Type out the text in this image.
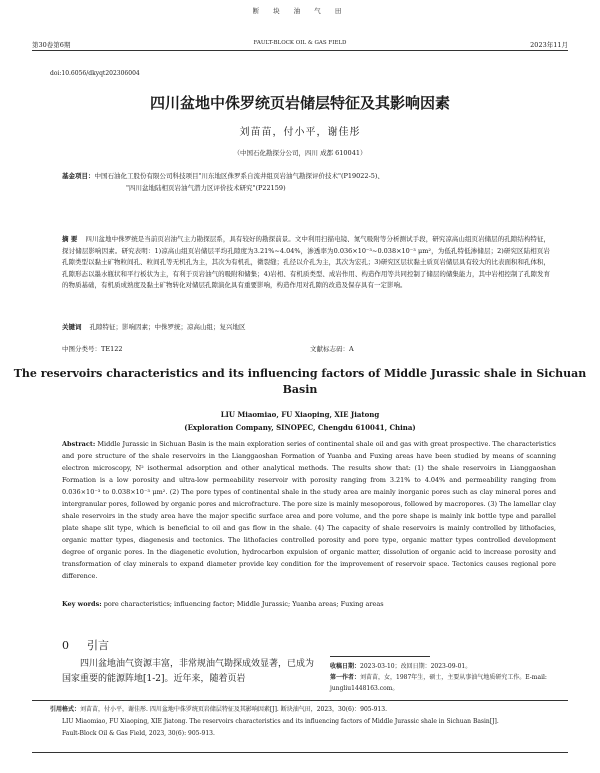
断 块 油 气 田
FAULT-BLOCK OIL & GAS FIELD
第30卷第6期	2023年11月
doi:10.6056/dkyqt202306004
四川盆地中侏罗统页岩储层特征及其影响因素
刘苗苗，付小平，谢佳彤
（中国石化勘探分公司，四川 成都 610041）
基金项目：中国石油化工股份有限公司科技项目"川东地区侏罗系自流井组页岩油气勘探评价技术"(P19022-5)、
"四川盆地陆相页岩油气潜力区评价技术研究"(P22159)
摘 要 四川盆地中侏罗统是当前页岩油气主力勘探层系，具有较好的勘探前景。文中利用扫描电镜、氮气吸附等分析测试手段，研究凉高山组页岩储层的孔隙结构特征，探讨储层影响因素。研究表明：1)凉高山组页岩储层平均孔隙度为3.21%~4.04%，渗透率为0.036×10⁻³~0.038×10⁻³ μm²，为低孔特低渗储层；2)研究区陆相页岩孔隙类型以黏土矿物粒间孔、粒间孔等无机孔为主，其次为有机孔，微裂缝；孔径以介孔为主，其次为宏孔；3)研究区层状黏土质页岩储层具有较大的比表面积和孔体积，孔隙形态以墨水瓶状和平行板状为主，有利于页岩油气的吸附和储集；4)岩相、有机质类型、成岩作用、构造作用等共同控制了储层的储集能力，其中岩相控制了孔隙发育的物质基础，有机质成熟度及黏土矿物转化对储层孔隙演化具有重要影响，构造作用对孔隙的改造及保存具有一定影响。
关键词 孔隙特征；影响因素；中侏罗统；凉高山组；复兴地区
中图分类号：TE122	文献标志码：A
The reservoirs characteristics and its influencing factors of Middle Jurassic shale in Sichuan Basin
LIU Miaomiao, FU Xiaoping, XIE Jiatong
(Exploration Company, SINOPEC, Chengdu 610041, China)
Abstract: Middle Jurassic in Sichuan Basin is the main exploration series of continental shale oil and gas with great prospective. The characteristics and pore structure of the shale reservoirs in the Lianggaoshan Formation of Yuanba and Fuxing areas have been studied by means of scanning electron microscopy, N² isothermal adsorption and other analytical methods. The results show that: (1) the shale reservoirs in Lianggaoshan Formation is a low porosity and ultra-low permeability reservoir with porosity ranging from 3.21% to 4.04% and permeability ranging from 0.036×10⁻³ to 0.038×10⁻³ μm². (2) The pore types of continental shale in the study area are mainly inorganic pores such as clay mineral pores and intergranular pores, followed by organic pores and microfracture. The pore size is mainly mesoporous, followed by macropores. (3) The lamellar clay shale reservoirs in the study area have the major specific surface area and pore volume, and the pore shape is mainly ink bottle type and parallel plate shape slit type, which is beneficial to oil and gas flow in the shale. (4) The capacity of shale reservoirs is mainly controlled by lithofacies, organic matter types, diagenesis and tectonics. The lithofacies controlled porosity and pore type, organic matter types controlled development degree of organic pores. In the diagenetic evolution, hydrocarbon expulsion of organic matter, dissolution of organic acid to increase porosity and transformation of clay minerals to expand diameter provide key condition for the improvement of reservoir space. Tectonics causes regional pore difference.
Key words: pore characteristics; influencing factor; Middle Jurassic; Yuanba areas; Fuxing areas
0 引言
四川盆地油气资源丰富，非常规油气勘探成效显著，已成为国家重要的能源阵地[1-2]。近年来，随着页岩
收稿日期：2023-03-10；改回日期：2023-09-01。
第一作者：刘苗苗，女，1987年生，硕士，主要从事油气地质研究工作。E-mail: jungliu1448163.com。
引用格式：刘苗苗，付小平，谢佳彤. 四川盆地中侏罗统页岩储层特征及其影响因素[J]. 断块油气田，2023，30(6)：905-913.
LIU Miaomiao, FU Xiaoping, XIE Jiatong. The reservoirs characteristics and its influencing factors of Middle Jurassic shale in Sichuan Basin[J].
Fault-Block Oil & Gas Field, 2023, 30(6): 905-913.
